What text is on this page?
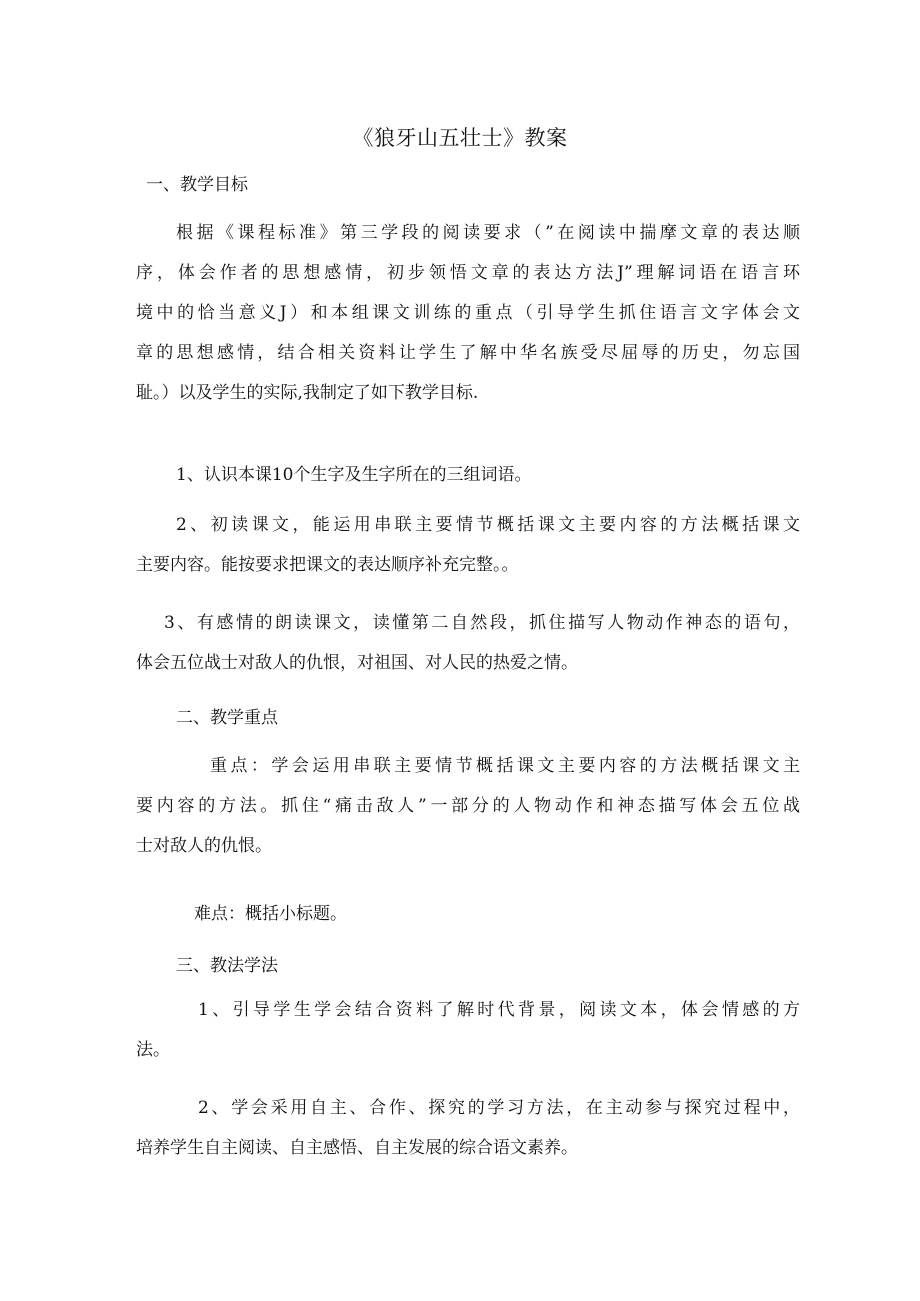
《狼牙山五壮士》教案
一、教学目标
根据《课程标准》第三学段的阅读要求（”在阅读中揣摩文章的表达顺
序，体会作者的思想感情，初步领悟文章的表达方法J”理解词语在语言环
境中的恰当意义J）和本组课文训练的重点（引导学生抓住语言文字体会文
章的思想感情，结合相关资料让学生了解中华名族受尽屈辱的历史，勿忘国
耻。）以及学生的实际,我制定了如下教学目标.
1、认识本课10个生字及生字所在的三组词语。
2、初读课文，能运用串联主要情节概括课文主要内容的方法概括课文
主要内容。能按要求把课文的表达顺序补充完整。。
3、有感情的朗读课文，读懂第二自然段，抓住描写人物动作神态的语句，
体会五位战士对敌人的仇恨，对祖国、对人民的热爱之情。
二、教学重点
重点：学会运用串联主要情节概括课文主要内容的方法概括课文主
要内容的方法。抓住“痛击敌人”一部分的人物动作和神态描写体会五位战
士对敌人的仇恨。
难点：概括小标题。
三、教法学法
1、引导学生学会结合资料了解时代背景，阅读文本，体会情感的方
法。
2、学会采用自主、合作、探究的学习方法，在主动参与探究过程中，
培养学生自主阅读、自主感悟、自主发展的综合语文素养。
